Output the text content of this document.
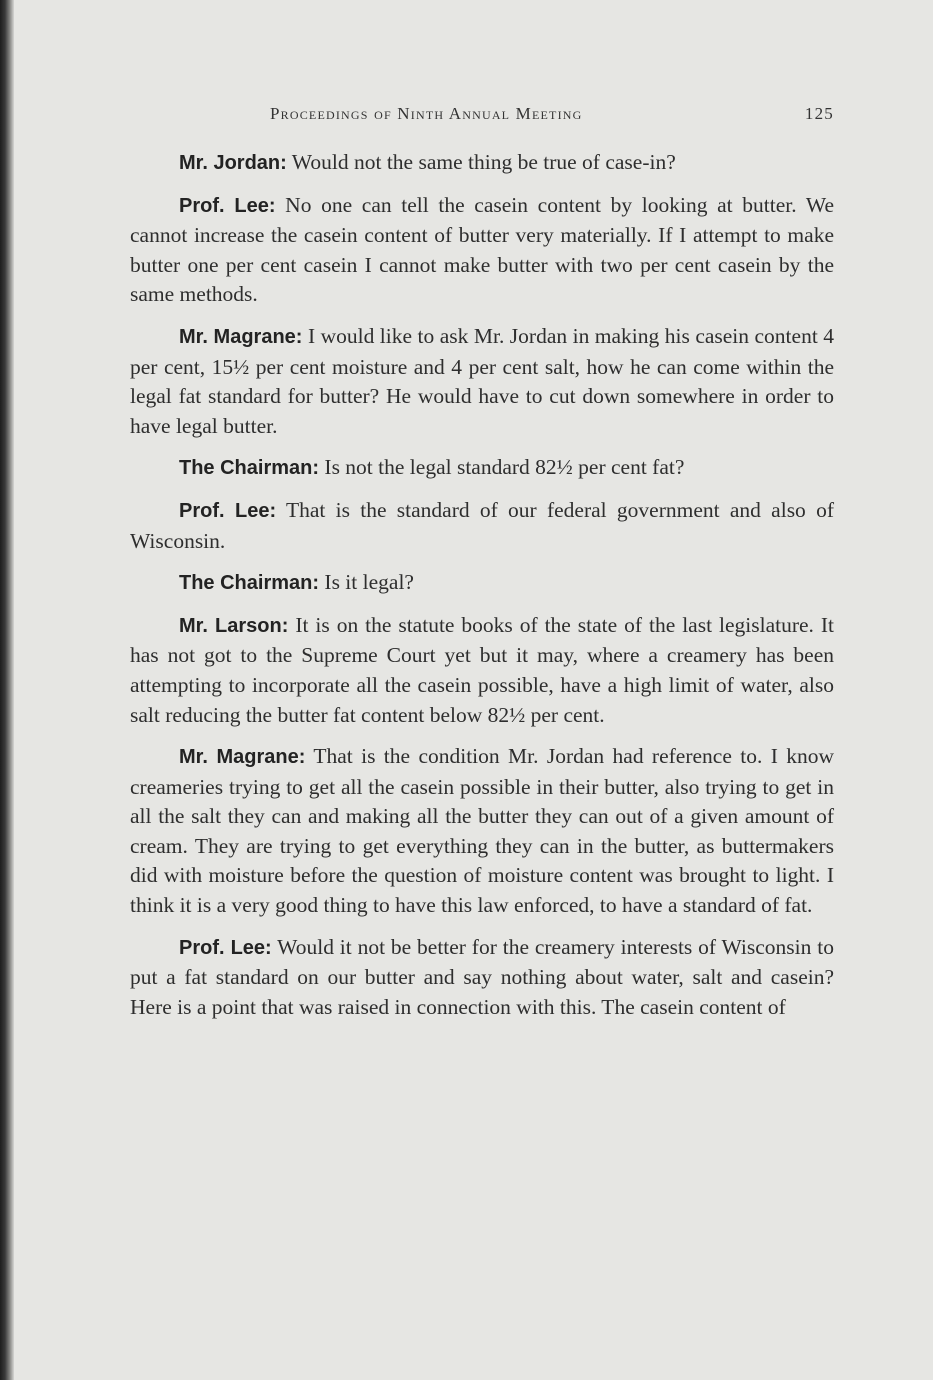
Proceedings of Ninth Annual Meeting	125

Mr. Jordan: Would not the same thing be true of case-in?

Prof. Lee: No one can tell the casein content by looking at butter. We cannot increase the casein content of butter very materially. If I attempt to make butter one per cent casein I cannot make butter with two per cent casein by the same methods.

Mr. Magrane: I would like to ask Mr. Jordan in making his casein content 4 per cent, 15½ per cent moisture and 4 per cent salt, how he can come within the legal fat standard for butter? He would have to cut down somewhere in order to have legal butter.

The Chairman: Is not the legal standard 82½ per cent fat?

Prof. Lee: That is the standard of our federal government and also of Wisconsin.

The Chairman: Is it legal?

Mr. Larson: It is on the statute books of the state of the last legislature. It has not got to the Supreme Court yet but it may, where a creamery has been attempting to incorporate all the casein possible, have a high limit of water, also salt reducing the butter fat content below 82½ per cent.

Mr. Magrane: That is the condition Mr. Jordan had reference to. I know creameries trying to get all the casein possible in their butter, also trying to get in all the salt they can and making all the butter they can out of a given amount of cream. They are trying to get everything they can in the butter, as buttermakers did with moisture before the question of moisture content was brought to light. I think it is a very good thing to have this law enforced, to have a standard of fat.

Prof. Lee: Would it not be better for the creamery interests of Wisconsin to put a fat standard on our butter and say nothing about water, salt and casein? Here is a point that was raised in connection with this. The casein content of
